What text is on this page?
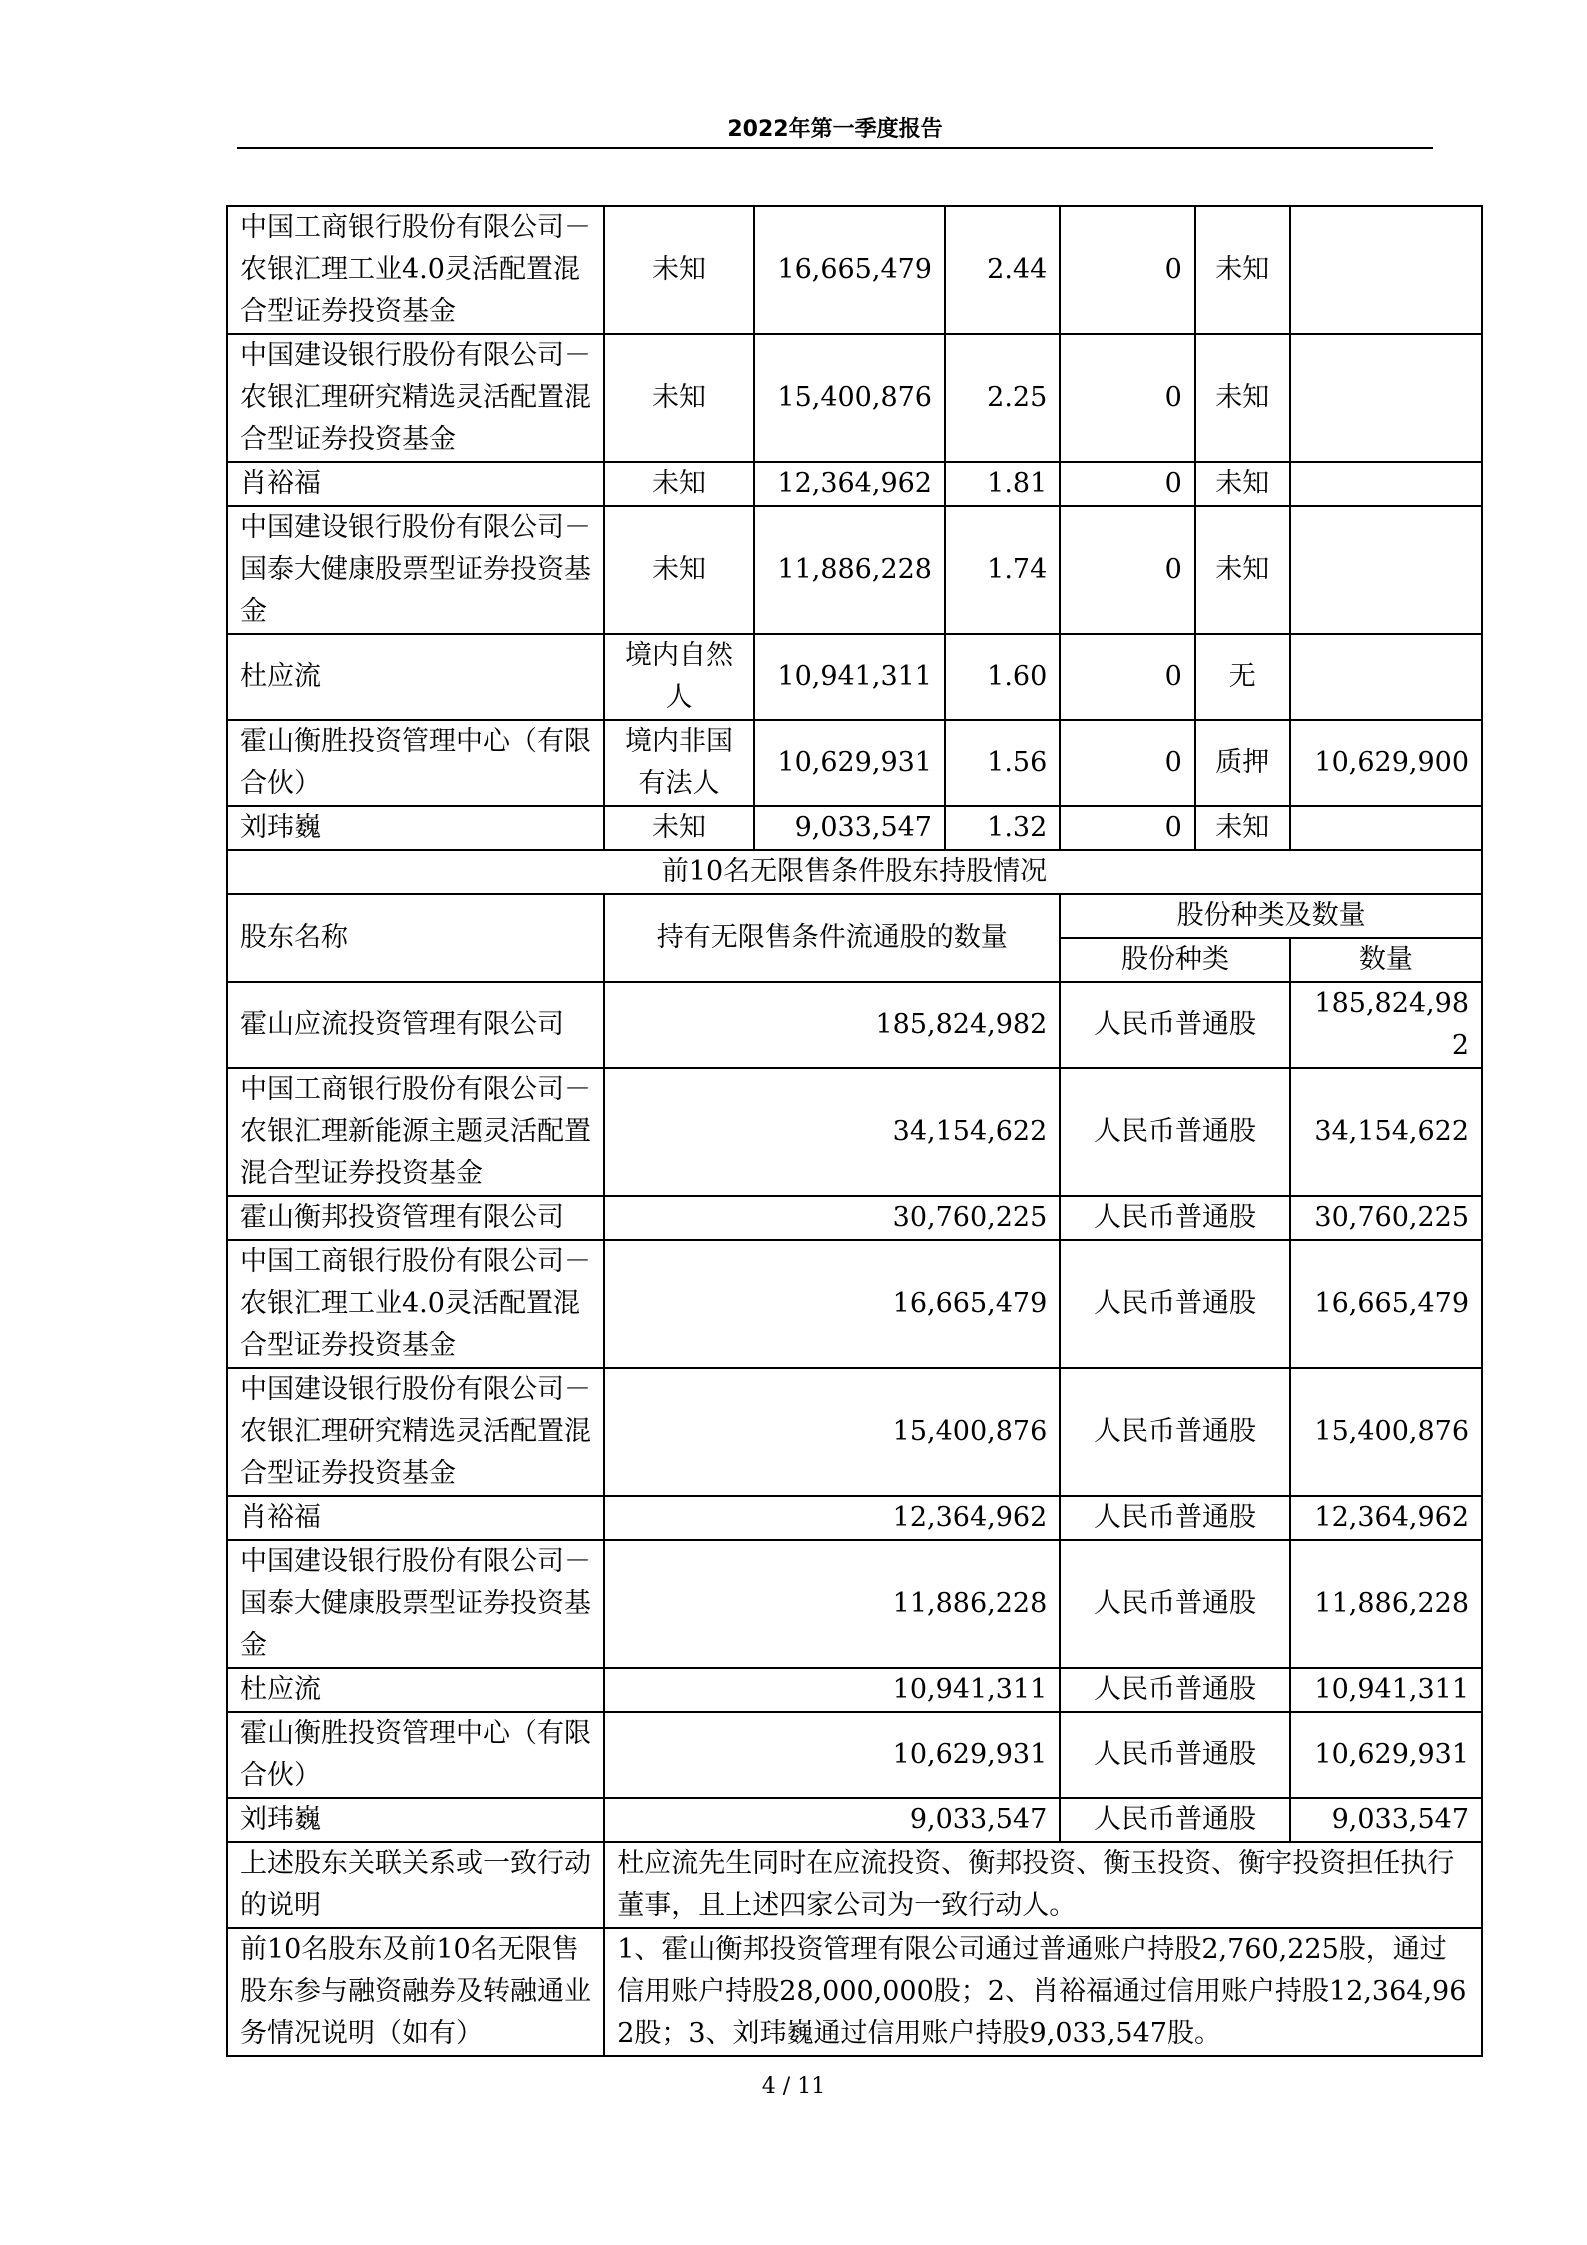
2022年第一季度报告
中国工商银行股份有限公司－农银汇理工业4.0灵活配置混合型证券投资基金	未知	16,665,479	2.44	0	未知	
中国建设银行股份有限公司－农银汇理研究精选灵活配置混合型证券投资基金	未知	15,400,876	2.25	0	未知	
肖裕福	未知	12,364,962	1.81	0	未知	
中国建设银行股份有限公司－国泰大健康股票型证券投资基金	未知	11,886,228	1.74	0	未知	
杜应流	境内自然人	10,941,311	1.60	0	无	
霍山衡胜投资管理中心（有限合伙）	境内非国有法人	10,629,931	1.56	0	质押	10,629,900
刘玮巍	未知	9,033,547	1.32	0	未知	
前10名无限售条件股东持股情况						
股东名称	持有无限售条件流通股的数量			股份种类及数量		
				股份种类		数量
霍山应流投资管理有限公司	185,824,982			人民币普通股		185,824,982
中国工商银行股份有限公司－农银汇理新能源主题灵活配置混合型证券投资基金	34,154,622			人民币普通股		34,154,622
霍山衡邦投资管理有限公司	30,760,225			人民币普通股		30,760,225
中国工商银行股份有限公司－农银汇理工业4.0灵活配置混合型证券投资基金	16,665,479			人民币普通股		16,665,479
中国建设银行股份有限公司－农银汇理研究精选灵活配置混合型证券投资基金	15,400,876			人民币普通股		15,400,876
肖裕福	12,364,962			人民币普通股		12,364,962
中国建设银行股份有限公司－国泰大健康股票型证券投资基金	11,886,228			人民币普通股		11,886,228
杜应流	10,941,311			人民币普通股		10,941,311
霍山衡胜投资管理中心（有限合伙）	10,629,931			人民币普通股		10,629,931
刘玮巍	9,033,547			人民币普通股		9,033,547
上述股东关联关系或一致行动的说明	杜应流先生同时在应流投资、衡邦投资、衡玉投资、衡宇投资担任执行董事，且上述四家公司为一致行动人。					
前10名股东及前10名无限售股东参与融资融券及转融通业务情况说明（如有）	1、霍山衡邦投资管理有限公司通过普通账户持股2,760,225股，通过信用账户持股28,000,000股；2、肖裕福通过信用账户持股12,364,962股；3、刘玮巍通过信用账户持股9,033,547股。					
4 / 11
